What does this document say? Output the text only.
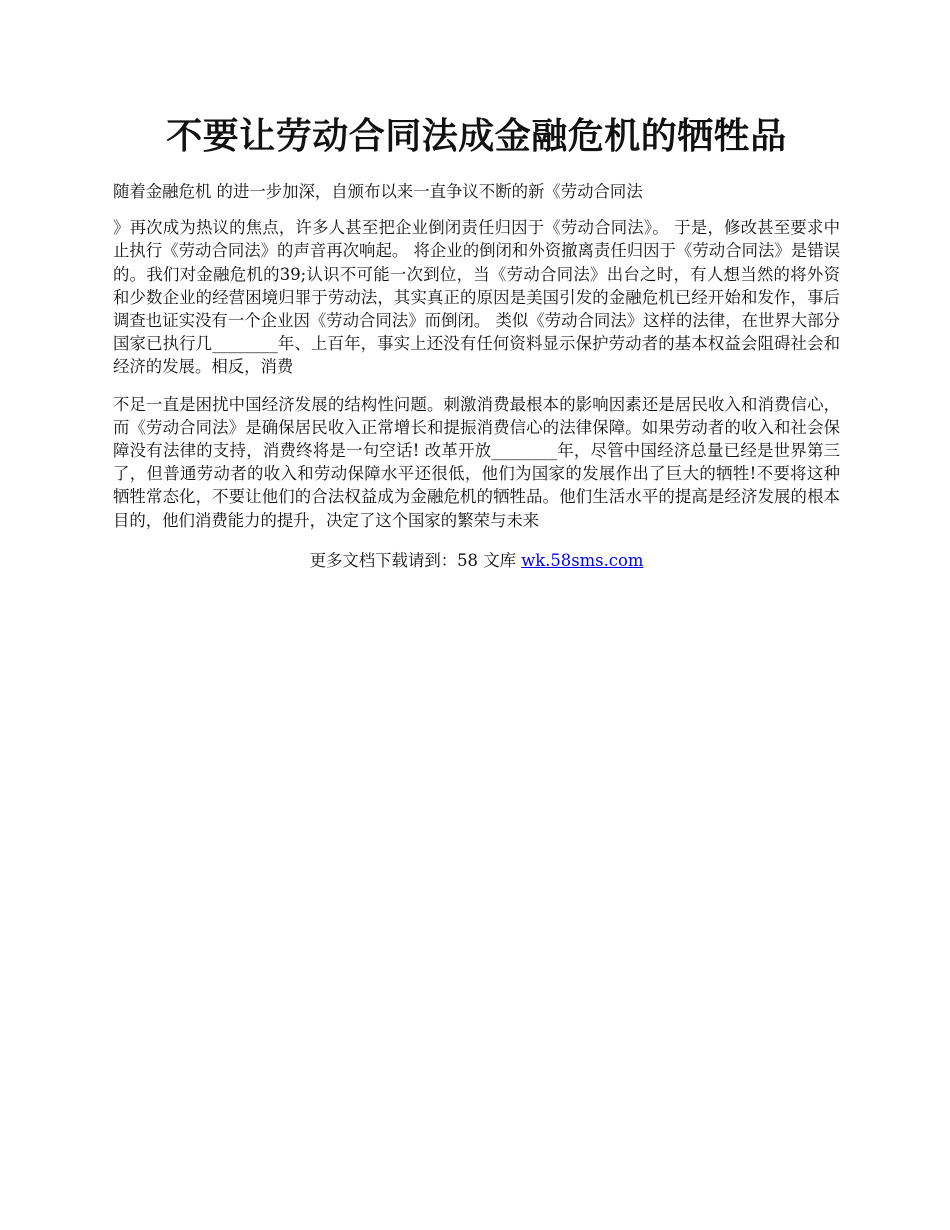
不要让劳动合同法成金融危机的牺牲品

随着金融危机 的进一步加深，自颁布以来一直争议不断的新《劳动合同法

》再次成为热议的焦点，许多人甚至把企业倒闭责任归因于《劳动合同法》。 于是，修改甚至要求中止执行《劳动合同法》的声音再次响起。 将企业的倒闭和外资撤离责任归因于《劳动合同法》是错误的。我们对金融危机的39;认识不可能一次到位，当《劳动合同法》出台之时，有人想当然的将外资和少数企业的经营困境归罪于劳动法，其实真正的原因是美国引发的金融危机已经开始和发作，事后调查也证实没有一个企业因《劳动合同法》而倒闭。 类似《劳动合同法》这样的法律，在世界大部分国家已执行几________年、上百年，事实上还没有任何资料显示保护劳动者的基本权益会阻碍社会和经济的发展。相反，消费

不足一直是困扰中国经济发展的结构性问题。刺激消费最根本的影响因素还是居民收入和消费信心，而《劳动合同法》是确保居民收入正常增长和提振消费信心的法律保障。如果劳动者的收入和社会保障没有法律的支持，消费终将是一句空话! 改革开放________年，尽管中国经济总量已经是世界第三了，但普通劳动者的收入和劳动保障水平还很低，他们为国家的发展作出了巨大的牺牲!不要将这种牺牲常态化，不要让他们的合法权益成为金融危机的牺牲品。他们生活水平的提高是经济发展的根本目的，他们消费能力的提升，决定了这个国家的繁荣与未来

更多文档下载请到：58 文库 wk.58sms.com
